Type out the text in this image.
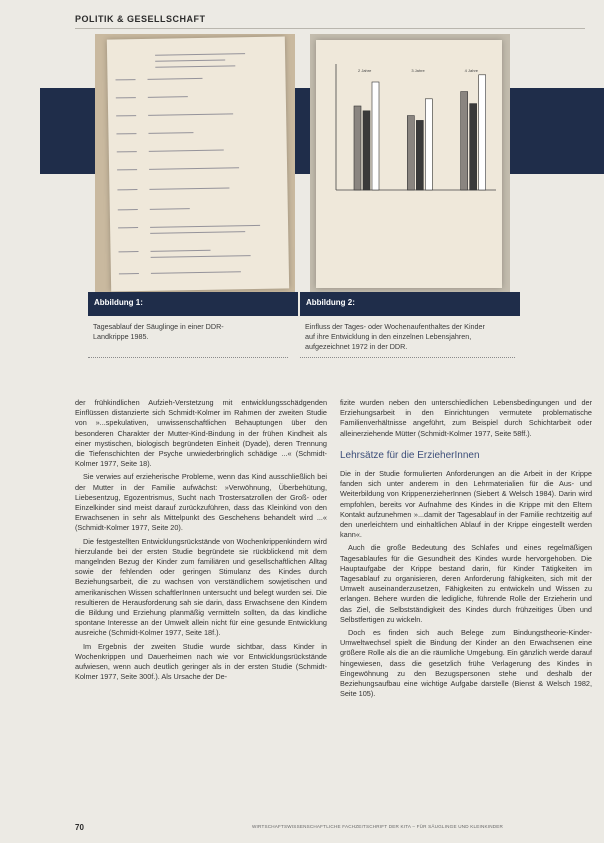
POLITIK & GESELLSCHAFT
Abbildung 1:
Tagesablauf der Säuglinge in einer DDR-Landkrippe 1985.
2 Jahre	3 Jahre	4 Jahre
Abbildung 2:
Einfluss der Tages- oder Wochenaufenthaltes der Kinder auf ihre Entwicklung in den einzelnen Lebensjahren, aufgezeichnet 1972 in der DDR.

der frühkindlichen Aufzieh-Verstetzung mit entwicklungsschädgenden Einflüssen distanzierte sich Schmidt-Kolmer im Rahmen der zweiten Studie von »...spekulativen, unwissenschaftlichen Behauptungen über den besonderen Charakter der Mutter-Kind-Bindung in der frühen Kindheit als einer mystischen, biologisch begründeten Einheit (Dyade), deren Trennung die Tiefenschichten der Psyche unwiederbringlich schädige ...« (Schmidt-Kolmer 1977, Seite 18).

Sie verwies auf erzieherische Probleme, wenn das Kind ausschließlich bei der Mutter in der Familie aufwächst: »Verwöhnung, Überbehütung, Liebesentzug, Egozentrismus, Sucht nach Trostersatzrollen der Groß- oder Einzelkinder sind meist darauf zurückzuführen, dass das Kleinkind von den Erwachsenen in sehr als Mittelpunkt des Geschehens behandelt wird ...« (Schmidt-Kolmer 1977, Seite 20).

Die festgestellten Entwicklungsrückstände von Wochenkrippenkindern wird hierzulande bei der ersten Studie begründete sie rückblickend mit dem mangelnden Bezug der Kinder zum familiären und gesellschaftlichen Alltag sowie der fehlenden oder geringen Stimulanz des Kindes durch Beziehungsarbeit, die zu wachsen von verständlichem sowjetischen und amerikanischen Wissen schaftlerInnen untersucht und belegt wurden sei. Die resultieren de Herausforderung sah sie darin, dass Erwachsene den Kindern die Bildung und Erziehung planmäßig vermitteln sollten, da das kindliche spontane Interesse an der Umwelt allein nicht für eine gesunde Entwicklung ausreiche (Schmidt-Kolmer 1977, Seite 18f.).

Im Ergebnis der zweiten Studie wurde sichtbar, dass Kinder in Wochenkrippen und Dauerheimen nach wie vor Entwicklungsrückstände aufwiesen, wenn auch deutlich geringer als in der ersten Studie (Schmidt-Kolmer 1977, Seite 300f.). Als Ursache der De-

fizite wurden neben den unterschiedlichen Lebensbedingungen und der Erziehungsarbeit in den Einrichtungen vermutete problematische Familienverhältnisse angeführt, zum Beispiel durch Schichtarbeit oder alleinerziehende Mütter (Schmidt-Kolmer 1977, Seite 58ff.).

Lehrsätze für die ErzieherInnen

Die in der Studie formulierten Anforderungen an die Arbeit in der Krippe fanden sich unter anderem in den Lehrmaterialien für die Aus- und Weiterbildung von KrippenerzieherInnen (Siebert & Welsch 1984). Darin wird empfohlen, bereits vor Aufnahme des Kindes in die Krippe mit den Eltern Kontakt aufzunehmen »...damit der Tagesablauf in der Familie rechtzeitig auf den unerleichtern und einhaltlichen Ablauf in der Krippe eingestellt werden kann«.

Auch die große Bedeutung des Schlafes und eines regelmäßigen Tagesablaufes für die Gesundheit des Kindes wurde hervorgehoben. Die Hauptaufgabe der Krippe bestand darin, für Kinder Tätigkeiten im Tagesablauf zu organisieren, deren Anforderung fähigkeiten, sich mit der Umwelt auseinanderzusetzen, Fähigkeiten zu entwickeln und Wissen zu erlangen. Behere wurden die ledigliche, führende Rolle der Erzieherin und das Ziel, die Selbstständigkeit des Kindes durch frühzeitiges Üben und Selbstfertigen zu wickeln.

Doch es finden sich auch Belege zum Bindungstheorie-Kinder-Umweltwechsel spielt die Bindung der Kinder an den Erwachsenen eine größere Rolle als die an die räumliche Umgebung. Ein gänzlich werde darauf hingewiesen, dass die gesetzlich frühe Verlagerung des Kindes in Eingewöhnung zu den Bezugspersonen stehe und deshalb der Beziehungsaufbau eine wichtige Aufgabe darstelle (Bienst & Welsch 1982, Seite 105).

70	WIRTSCHAFTSWISSENSCHAFTLICHE FACHZEITSCHRIFT DER KITA – FÜR SÄUGLINGE UND KLEINKINDER
